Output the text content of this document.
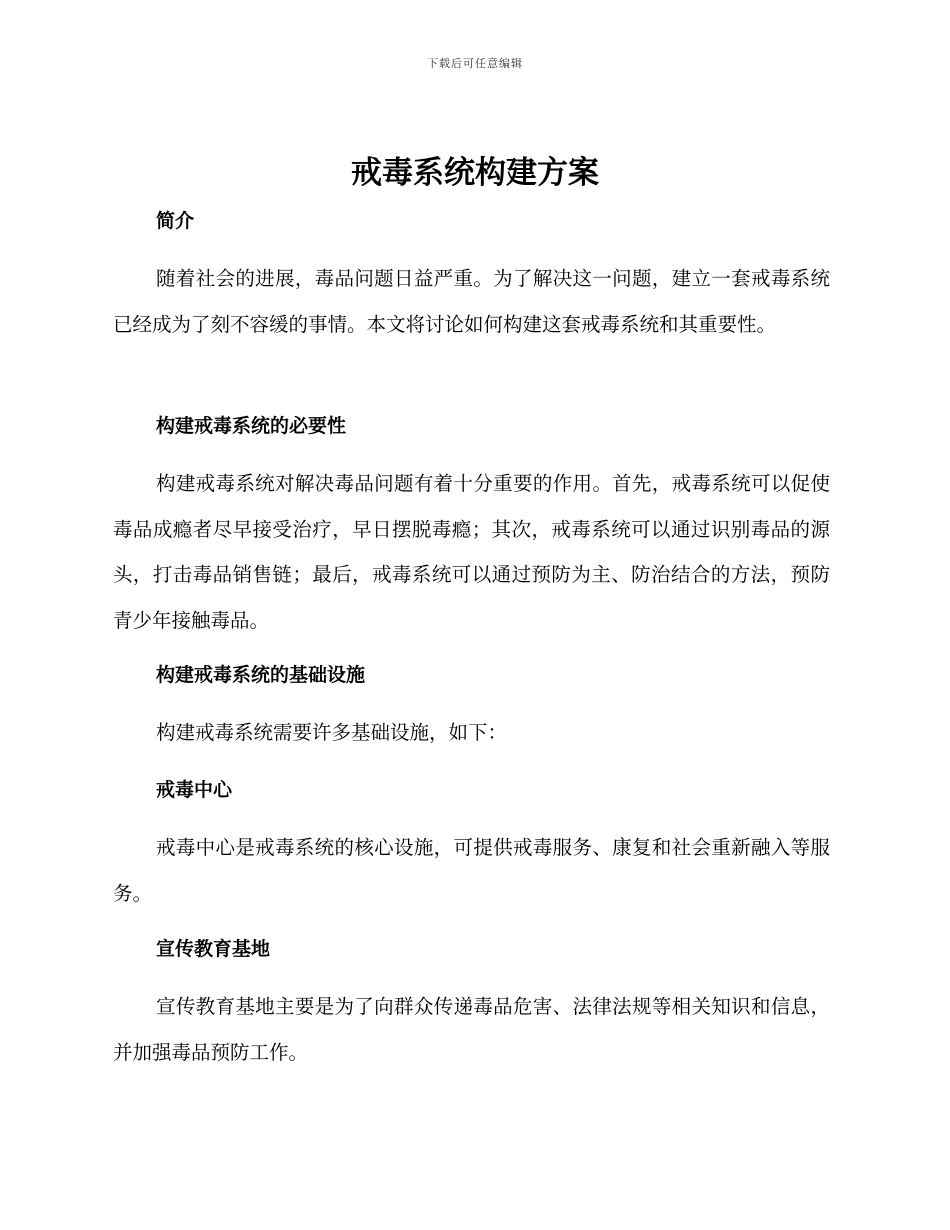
下载后可任意编辑
戒毒系统构建方案
简介

随着社会的进展，毒品问题日益严重。为了解决这一问题，建立一套戒毒系统已经成为了刻不容缓的事情。本文将讨论如何构建这套戒毒系统和其重要性。

构建戒毒系统的必要性

构建戒毒系统对解决毒品问题有着十分重要的作用。首先，戒毒系统可以促使毒品成瘾者尽早接受治疗，早日摆脱毒瘾；其次，戒毒系统可以通过识别毒品的源头，打击毒品销售链；最后，戒毒系统可以通过预防为主、防治结合的方法，预防青少年接触毒品。

构建戒毒系统的基础设施

构建戒毒系统需要许多基础设施，如下：

戒毒中心

戒毒中心是戒毒系统的核心设施，可提供戒毒服务、康复和社会重新融入等服务。

宣传教育基地

宣传教育基地主要是为了向群众传递毒品危害、法律法规等相关知识和信息，并加强毒品预防工作。
